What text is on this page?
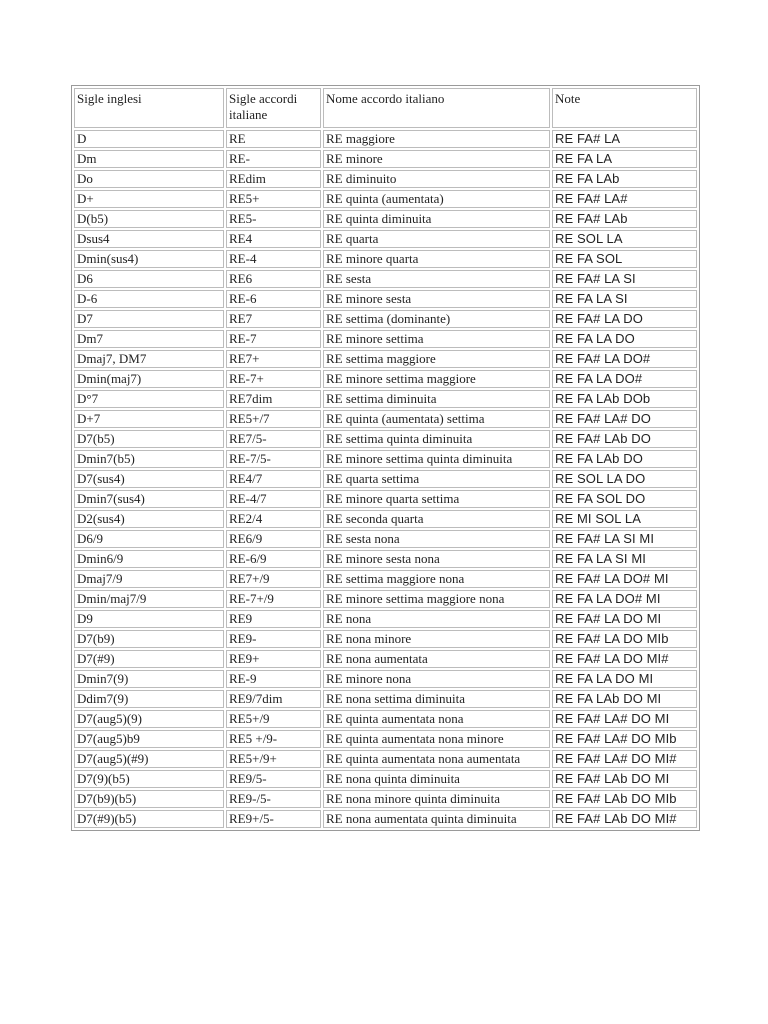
Sigle inglesi	Sigle accordi italiane	Nome accordo italiano	Note
D	RE	RE maggiore	RE FA# LA
Dm	RE-	RE minore	RE FA LA
Do	REdim	RE diminuito	RE FA LAb
D+	RE5+	RE quinta (aumentata)	RE FA# LA#
D(b5)	RE5-	RE quinta diminuita	RE FA# LAb
Dsus4	RE4	RE quarta	RE SOL LA
Dmin(sus4)	RE-4	RE minore quarta	RE FA SOL
D6	RE6	RE sesta	RE FA# LA SI
D-6	RE-6	RE minore sesta	RE FA LA SI
D7	RE7	RE settima (dominante)	RE FA# LA DO
Dm7	RE-7	RE minore settima	RE FA LA DO
Dmaj7, DM7	RE7+	RE settima maggiore	RE FA# LA DO#
Dmin(maj7)	RE-7+	RE minore settima maggiore	RE FA LA DO#
D°7	RE7dim	RE settima diminuita	RE FA LAb DOb
D+7	RE5+/7	RE quinta (aumentata) settima	RE FA# LA# DO
D7(b5)	RE7/5-	RE settima quinta diminuita	RE FA# LAb DO
Dmin7(b5)	RE-7/5-	RE minore settima quinta diminuita	RE FA LAb DO
D7(sus4)	RE4/7	RE quarta settima	RE SOL LA DO
Dmin7(sus4)	RE-4/7	RE minore quarta settima	RE FA SOL DO
D2(sus4)	RE2/4	RE seconda quarta	RE MI SOL LA
D6/9	RE6/9	RE sesta nona	RE FA# LA SI MI
Dmin6/9	RE-6/9	RE minore sesta nona	RE FA LA SI MI
Dmaj7/9	RE7+/9	RE settima maggiore nona	RE FA# LA DO# MI
Dmin/maj7/9	RE-7+/9	RE minore settima maggiore nona	RE FA LA DO# MI
D9	RE9	RE nona	RE FA# LA DO MI
D7(b9)	RE9-	RE nona minore	RE FA# LA DO MIb
D7(#9)	RE9+	RE nona aumentata	RE FA# LA DO MI#
Dmin7(9)	RE-9	RE minore nona	RE FA LA DO MI
Ddim7(9)	RE9/7dim	RE nona settima diminuita	RE FA LAb DO MI
D7(aug5)(9)	RE5+/9	RE quinta aumentata nona	RE FA# LA# DO MI
D7(aug5)b9	RE5 +/9-	RE quinta aumentata nona minore	RE FA# LA# DO MIb
D7(aug5)(#9)	RE5+/9+	RE quinta aumentata nona aumentata	RE FA# LA# DO MI#
D7(9)(b5)	RE9/5-	RE nona quinta diminuita	RE FA# LAb DO MI
D7(b9)(b5)	RE9-/5-	RE nona minore quinta diminuita	RE FA# LAb DO MIb
D7(#9)(b5)	RE9+/5-	RE nona aumentata quinta diminuita	RE FA# LAb DO MI#
